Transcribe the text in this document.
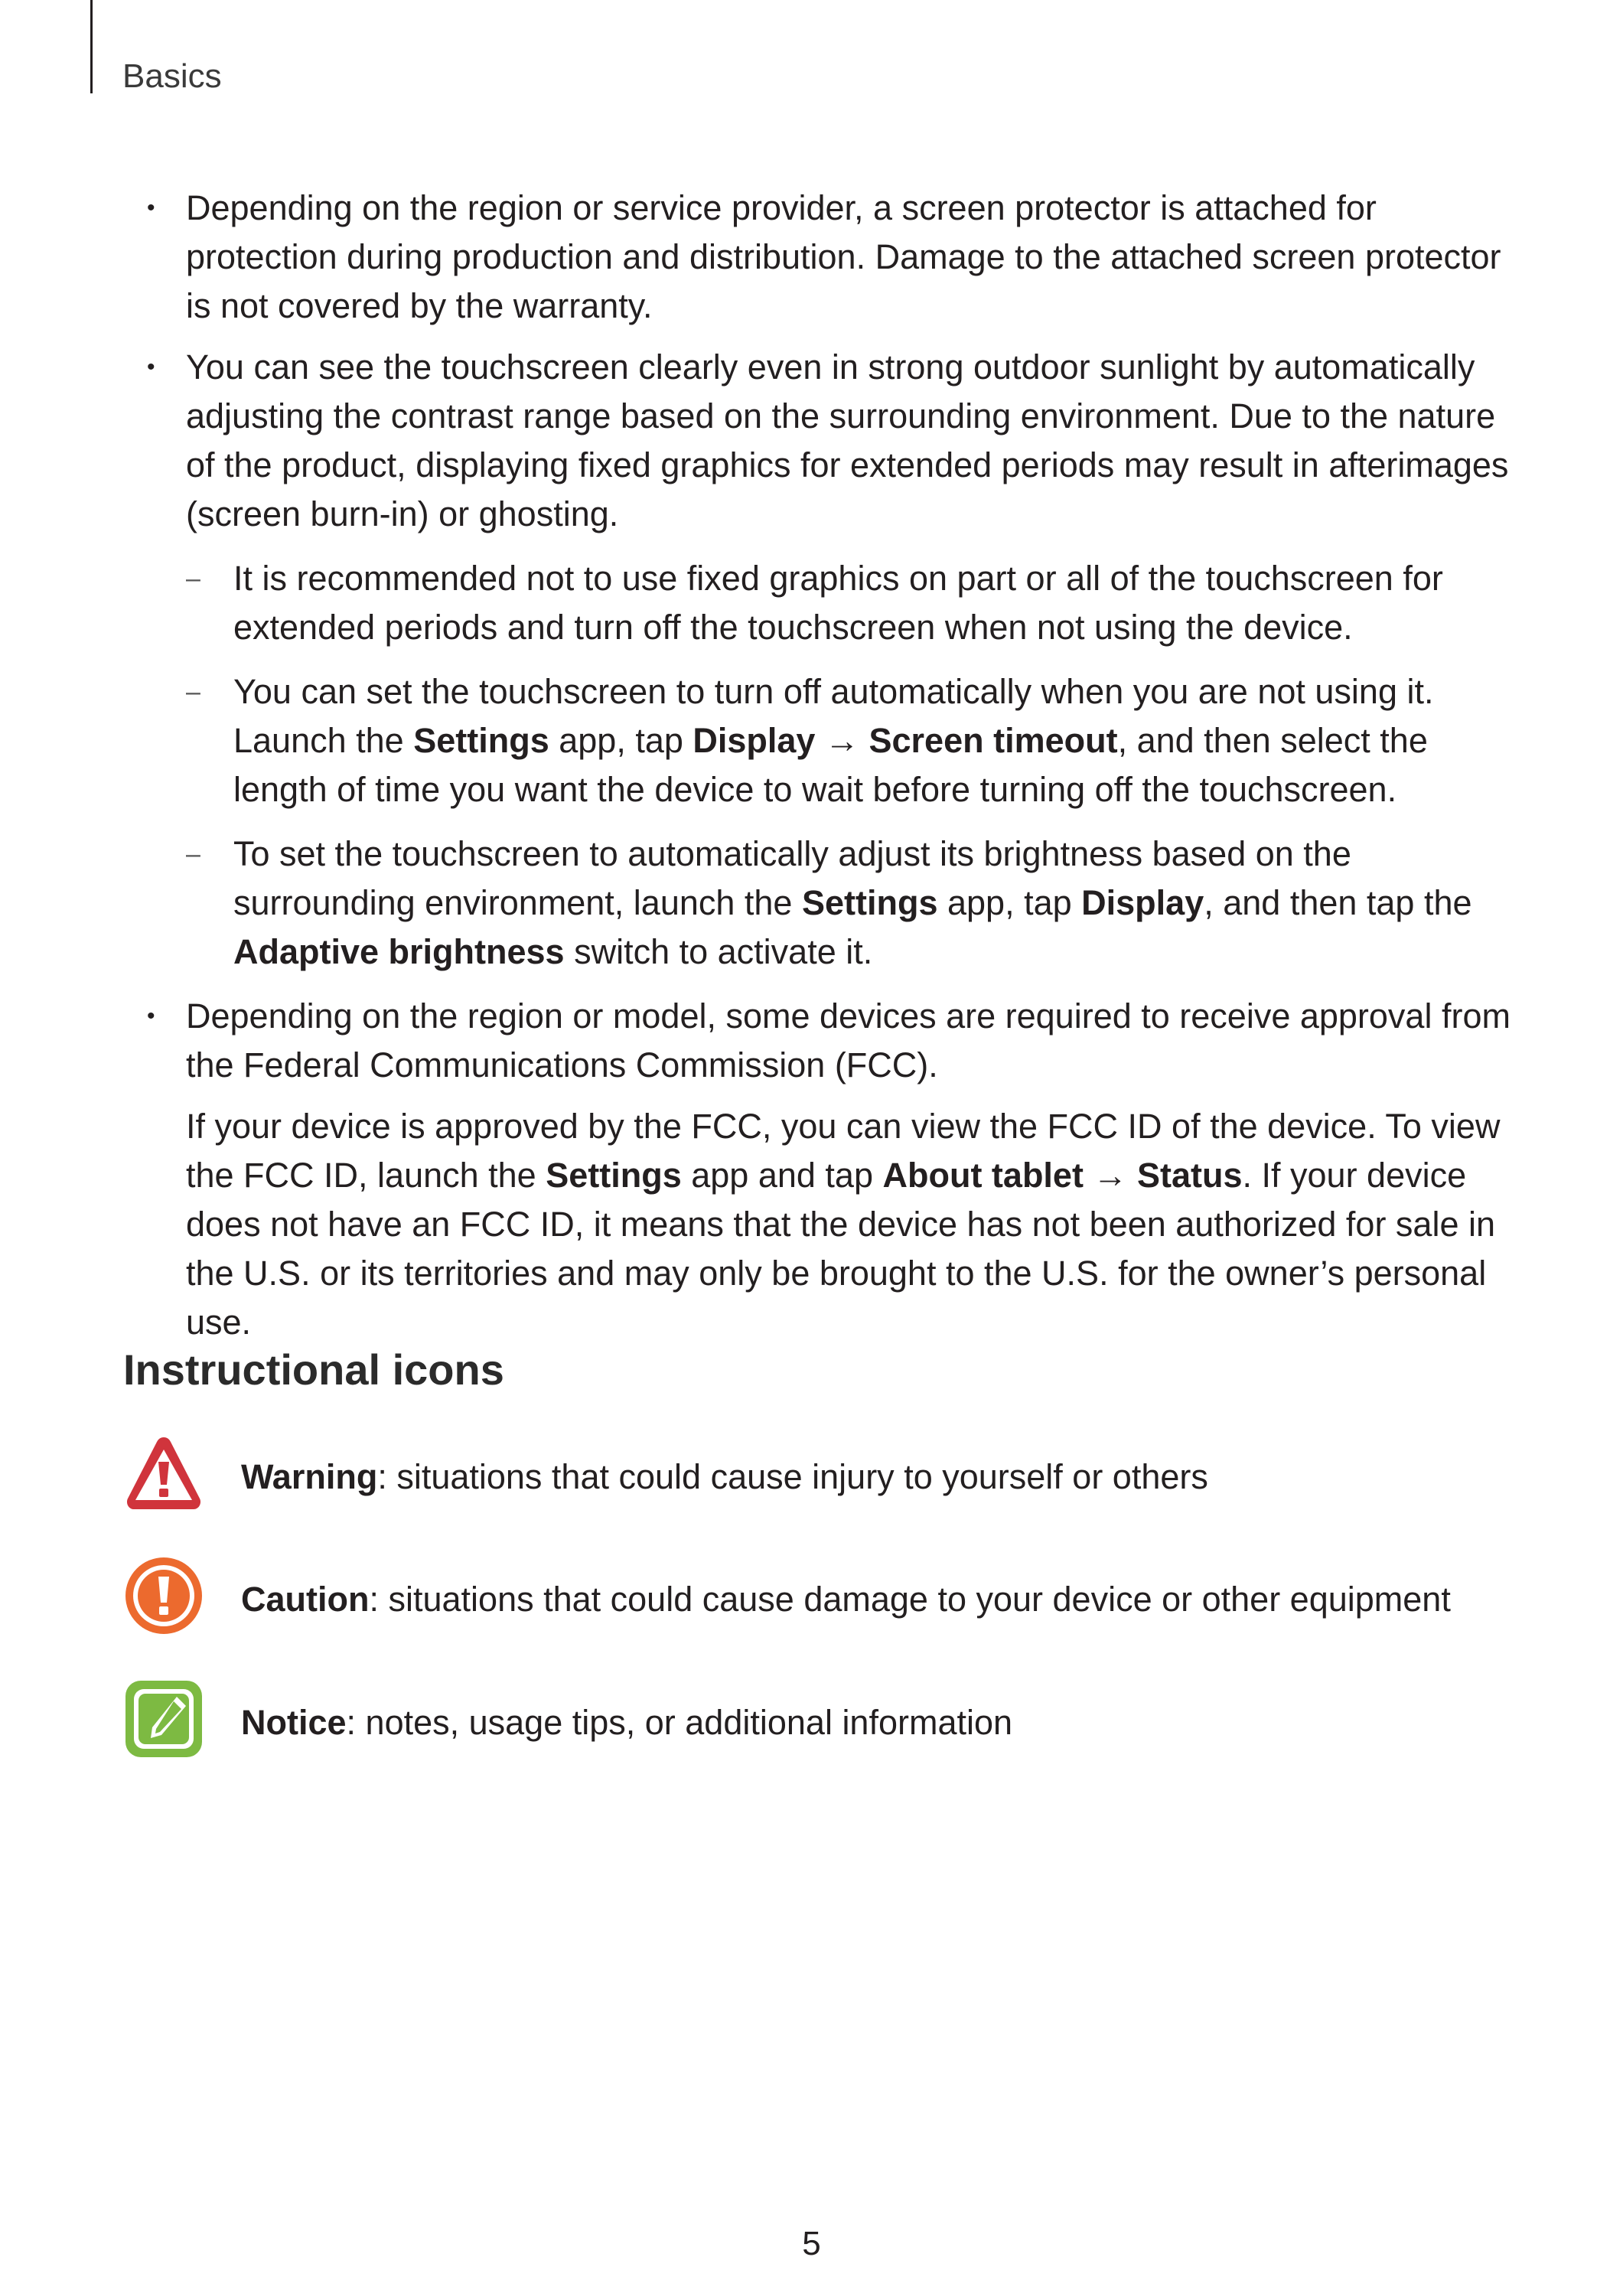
Basics
• Depending on the region or service provider, a screen protector is attached for protection during production and distribution. Damage to the attached screen protector is not covered by the warranty.

• You can see the touchscreen clearly even in strong outdoor sunlight by automatically adjusting the contrast range based on the surrounding environment. Due to the nature of the product, displaying fixed graphics for extended periods may result in afterimages (screen burn-in) or ghosting.

– It is recommended not to use fixed graphics on part or all of the touchscreen for extended periods and turn off the touchscreen when not using the device.

– You can set the touchscreen to turn off automatically when you are not using it. Launch the Settings app, tap Display → Screen timeout, and then select the length of time you want the device to wait before turning off the touchscreen.

– To set the touchscreen to automatically adjust its brightness based on the surrounding environment, launch the Settings app, tap Display, and then tap the Adaptive brightness switch to activate it.

• Depending on the region or model, some devices are required to receive approval from the Federal Communications Commission (FCC).

If your device is approved by the FCC, you can view the FCC ID of the device. To view the FCC ID, launch the Settings app and tap About tablet → Status. If your device does not have an FCC ID, it means that the device has not been authorized for sale in the U.S. or its territories and may only be brought to the U.S. for the owner’s personal use.

Instructional icons
Warning: situations that could cause injury to yourself or others
Caution: situations that could cause damage to your device or other equipment
Notice: notes, usage tips, or additional information
5
